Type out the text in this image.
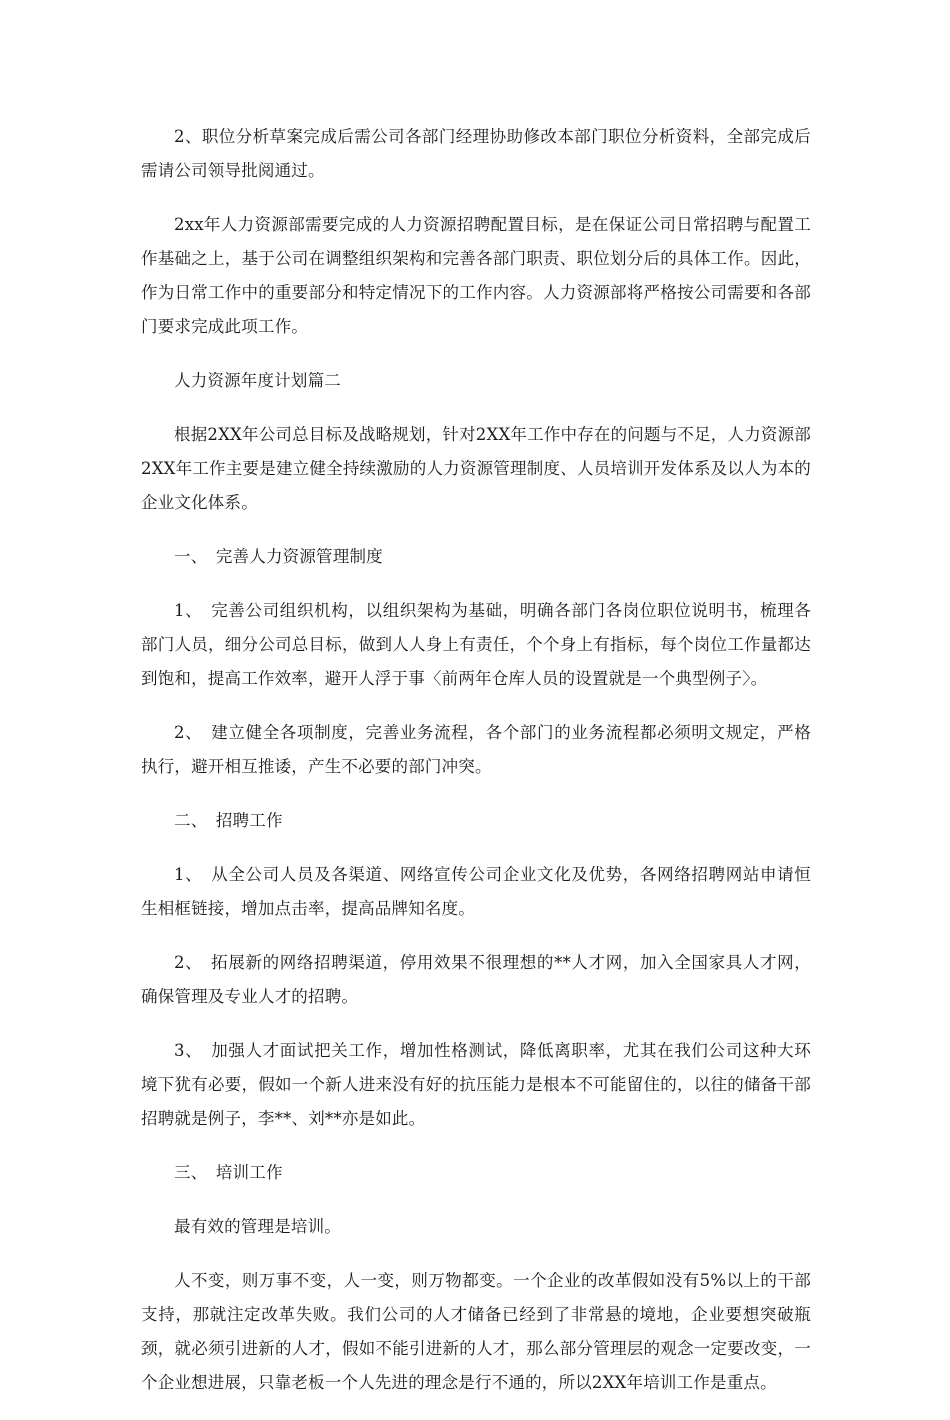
2、职位分析草案完成后需公司各部门经理协助修改本部门职位分析资料，全部完成后需请公司领导批阅通过。

2xx年人力资源部需要完成的人力资源招聘配置目标，是在保证公司日常招聘与配置工作基础之上，基于公司在调整组织架构和完善各部门职责、职位划分后的具体工作。因此，作为日常工作中的重要部分和特定情况下的工作内容。人力资源部将严格按公司需要和各部门要求完成此项工作。

人力资源年度计划篇二

根据2XX年公司总目标及战略规划，针对2XX年工作中存在的问题与不足，人力资源部2XX年工作主要是建立健全持续激励的人力资源管理制度、人员培训开发体系及以人为本的企业文化体系。

一、　完善人力资源管理制度

1、　完善公司组织机构，以组织架构为基础，明确各部门各岗位职位说明书，梳理各部门人员，细分公司总目标，做到人人身上有责任，个个身上有指标，每个岗位工作量都达到饱和，提高工作效率，避开人浮于事〈前两年仓库人员的设置就是一个典型例子〉。

2、　建立健全各项制度，完善业务流程，各个部门的业务流程都必须明文规定，严格执行，避开相互推诿，产生不必要的部门冲突。

二、　招聘工作

1、　从全公司人员及各渠道、网络宣传公司企业文化及优势，各网络招聘网站申请恒生相框链接，增加点击率，提高品牌知名度。

2、　拓展新的网络招聘渠道，停用效果不很理想的**人才网，加入全国家具人才网，确保管理及专业人才的招聘。

3、　加强人才面试把关工作，增加性格测试，降低离职率，尤其在我们公司这种大环境下犹有必要，假如一个新人进来没有好的抗压能力是根本不可能留住的，以往的储备干部招聘就是例子，李**、刘**亦是如此。

三、　培训工作

最有效的管理是培训。

人不变，则万事不变，人一变，则万物都变。一个企业的改革假如没有5%以上的干部支持，那就注定改革失败。我们公司的人才储备已经到了非常悬的境地，企业要想突破瓶颈，就必须引进新的人才，假如不能引进新的人才，那么部分管理层的观念一定要改变，一个企业想进展，只靠老板一个人先进的理念是行不通的，所以2XX年培训工作是重点。
